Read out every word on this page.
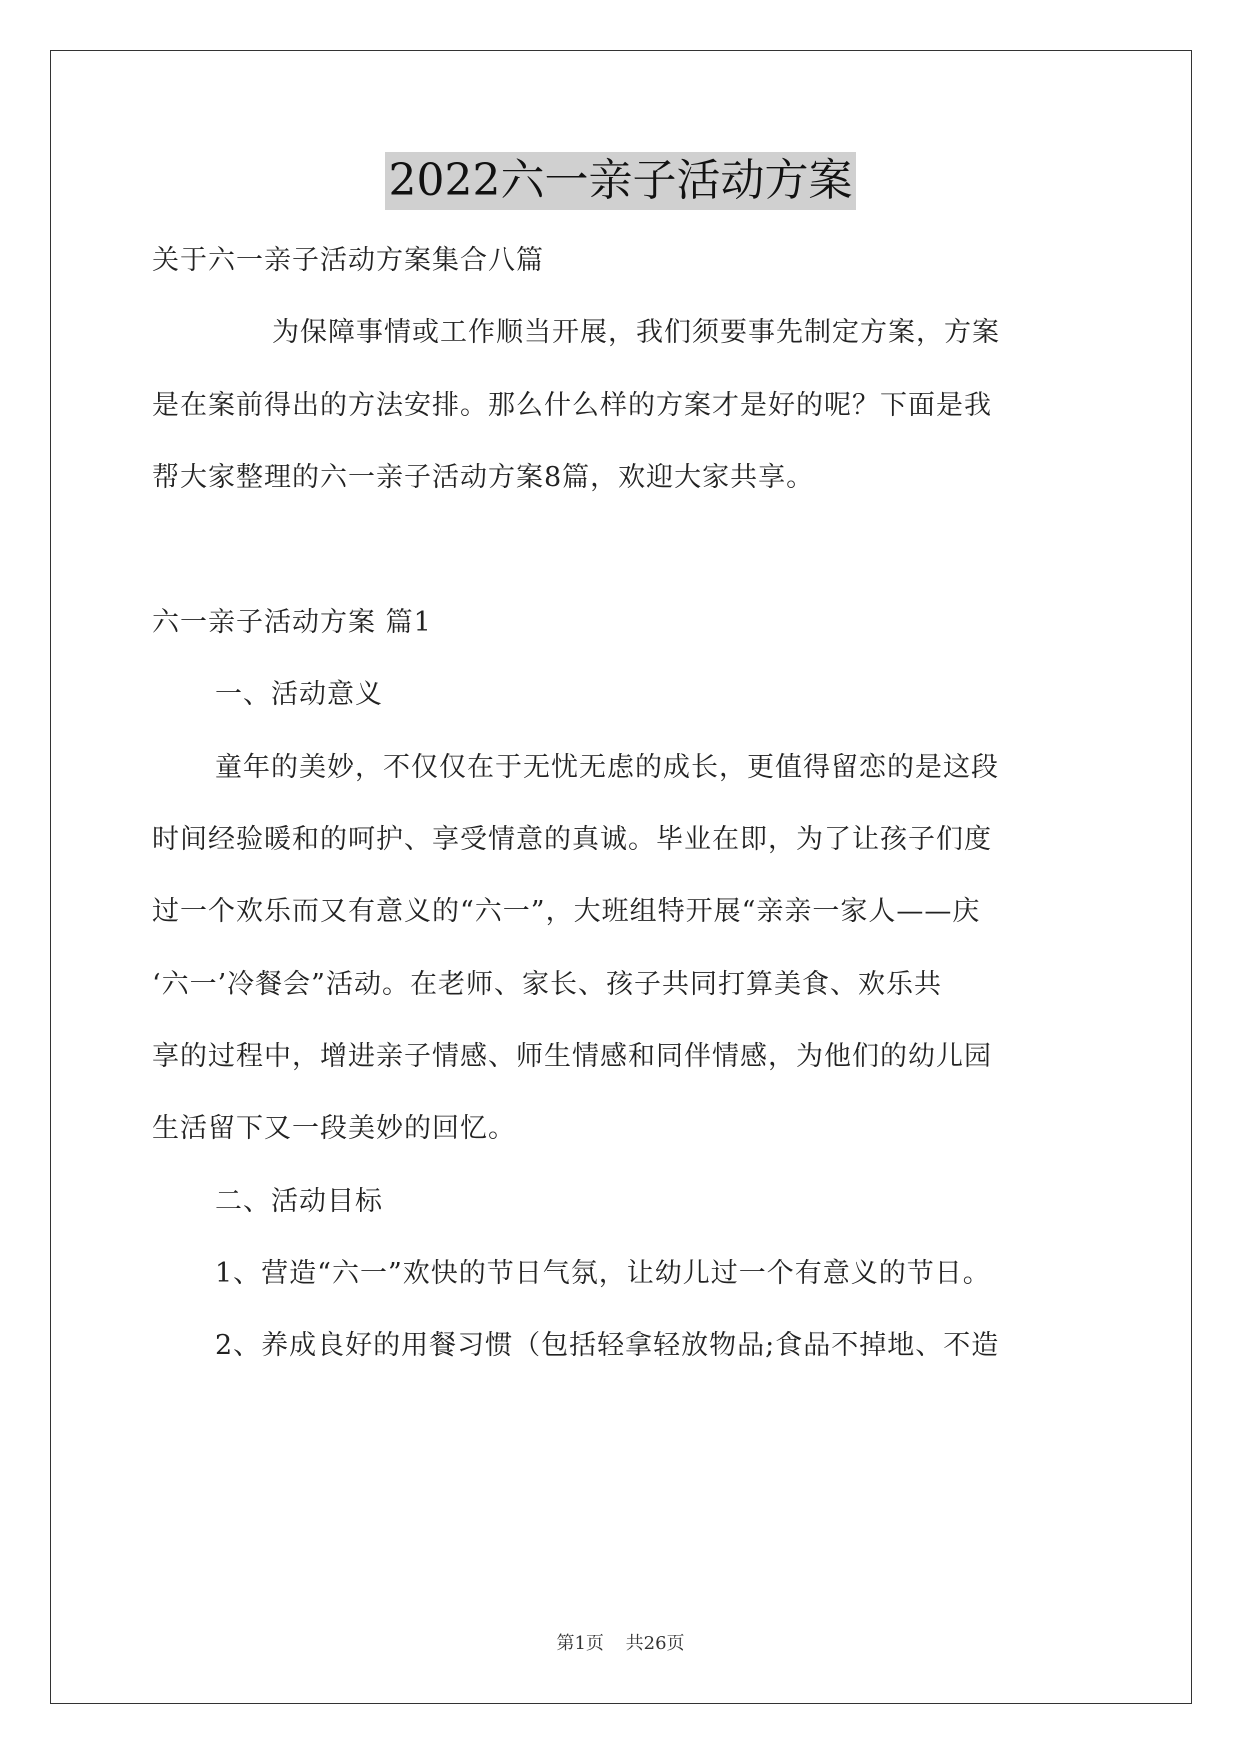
2022六一亲子活动方案
关于六一亲子活动方案集合八篇
为保障事情或工作顺当开展，我们须要事先制定方案，方案
是在案前得出的方法安排。那么什么样的方案才是好的呢？下面是我
帮大家整理的六一亲子活动方案8篇，欢迎大家共享。
六一亲子活动方案 篇1
一、活动意义
童年的美妙，不仅仅在于无忧无虑的成长，更值得留恋的是这段
时间经验暖和的呵护、享受情意的真诚。毕业在即，为了让孩子们度
过一个欢乐而又有意义的“六一”，大班组特开展“亲亲一家人——庆
‘六一’冷餐会”活动。在老师、家长、孩子共同打算美食、欢乐共
享的过程中，增进亲子情感、师生情感和同伴情感，为他们的幼儿园
生活留下又一段美妙的回忆。
二、活动目标
1、营造“六一”欢快的节日气氛，让幼儿过一个有意义的节日。
2、养成良好的用餐习惯（包括轻拿轻放物品;食品不掉地、不造
第1页 共26页
